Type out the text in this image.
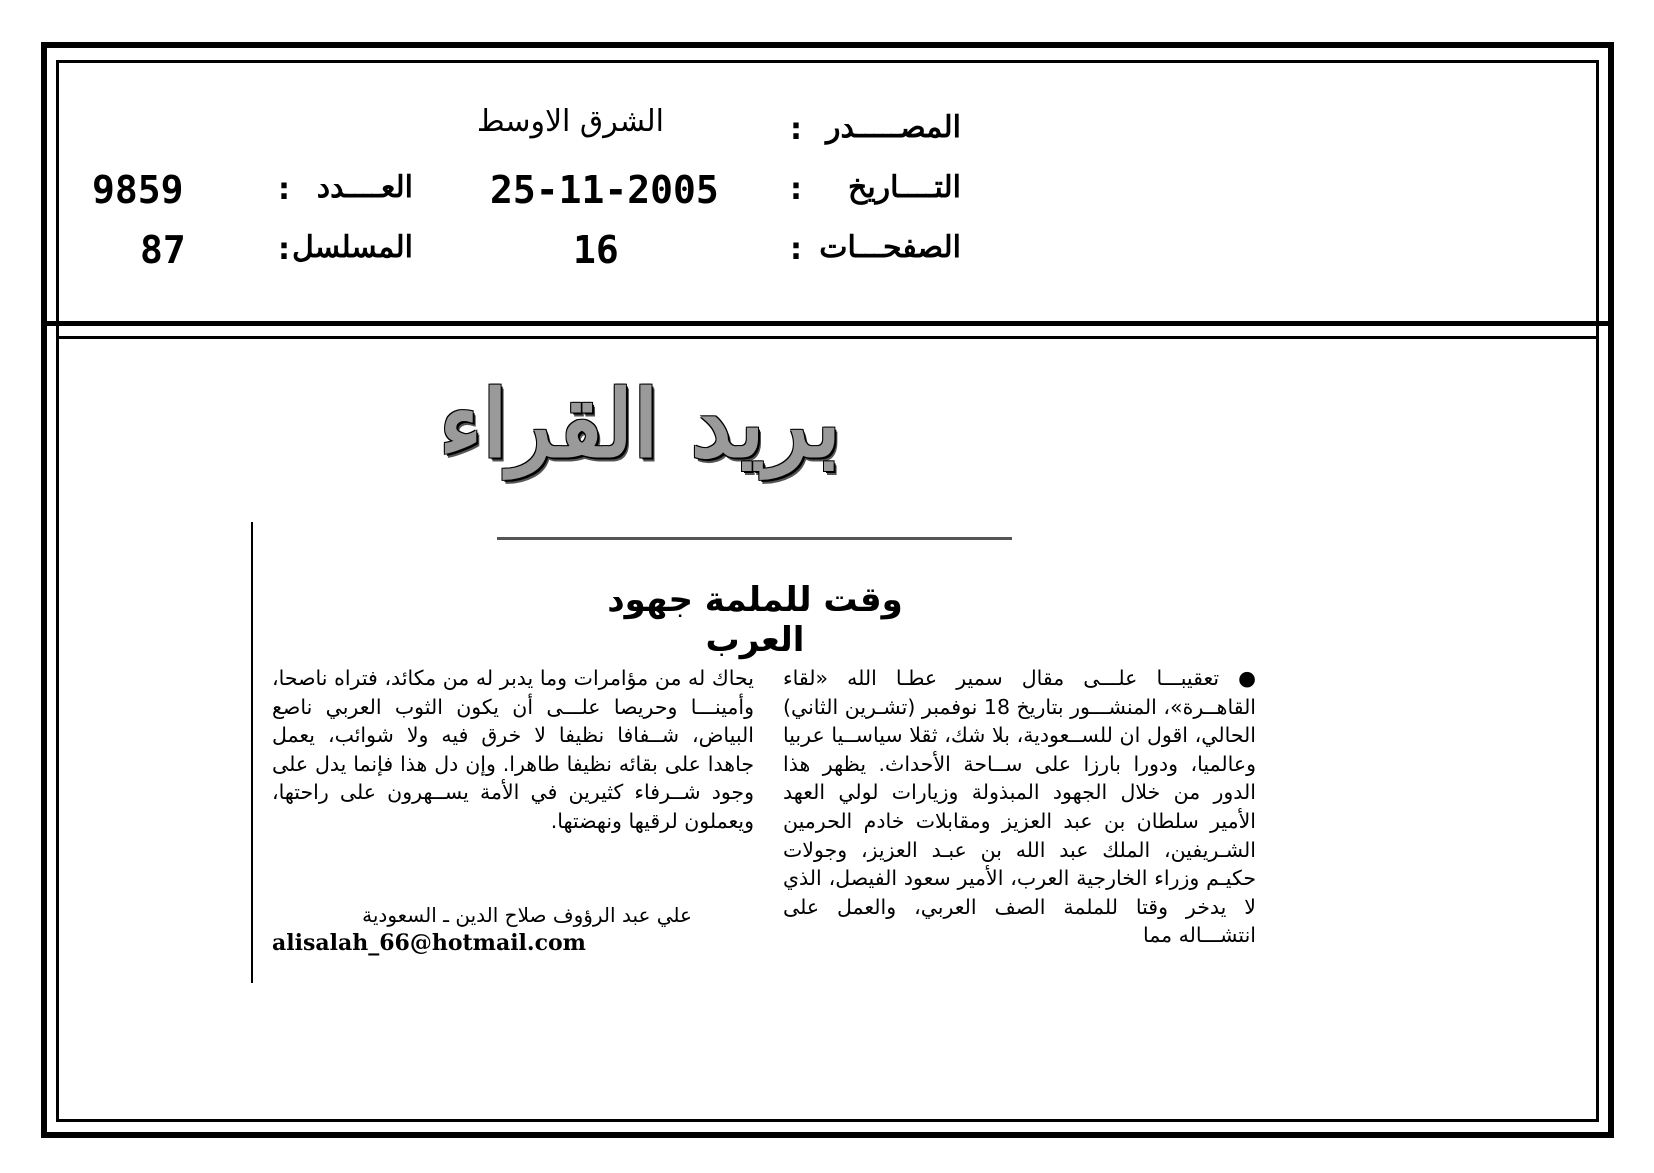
المصـــــدر
:
الشرق الاوسط
التــــاريخ
:
25-11-2005
العــــدد
:
9859
الصفحـــات
:
16
المسلسل
:
87
بريد القراء
وقت للملمة جهود العرب

● تعقيبـــا علـــى مقال سمير عطـا الله «لقاء القاهــرة»، المنشـــور بتاريخ 18 نوفمبر (تشـرين الثاني) الحالي، اقول ان للســعودية، بلا شك، ثقلا سياســيا عربيا وعالميا، ودورا بارزا على ســاحة الأحداث. يظهر هذا الدور من خلال الجهود المبذولة وزيارات لولي العهد الأمير سلطان بن عبد العزيز ومقابلات خادم الحرمين الشـريفين، الملك عبد الله بن عبـد العزيز، وجولات حكيـم وزراء الخارجية العرب، الأمير سعود الفيصل، الذي لا يدخر وقتا للملمة الصف العربي، والعمل على انتشـــاله مما

يحاك له من مؤامرات وما يدبر له من مكائد، فتراه ناصحا، وأمينـــا وحريصا علـــى أن يكون الثوب العربي ناصع البياض، شــفافا نظيفا لا خرق فيه ولا شوائب، يعمل جاهدا على بقائه نظيفا طاهرا. وإن دل هذا فإنما يدل على وجود شــرفاء كثيرين في الأمة يســهرون على راحتها، ويعملون لرقيها ونهضتها.

علي عبد الرؤوف صلاح الدين ـ السعودية
alisalah_66@hotmail.com
